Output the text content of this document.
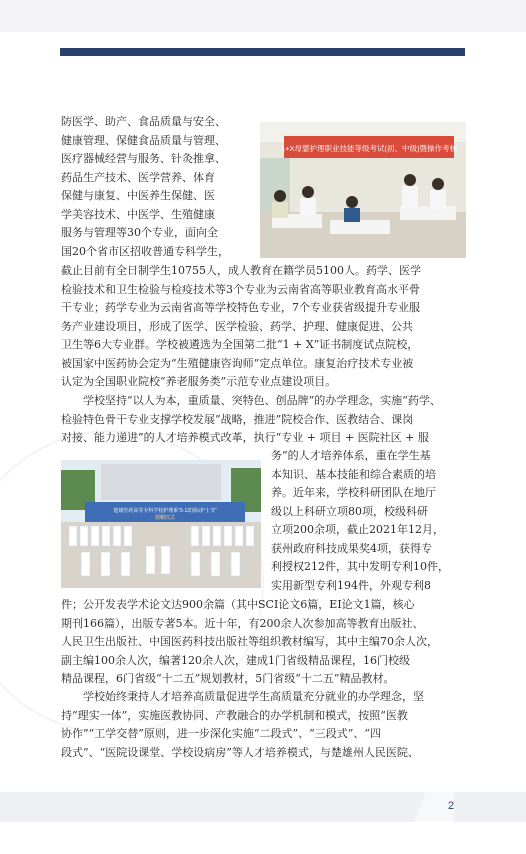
1+X母婴护理职业技能等级考试(初、中级)暨操作考核
楚雄医药高等专科学校护理系“5·12国际护士节”
授帽仪式
防医学、助产、食品质量与安全、
健康管理、保健食品质量与管理、
医疗器械经营与服务、针灸推拿、
药品生产技术、医学营养、体育
保健与康复、中医养生保健、医
学美容技术、中医学、生殖健康
服务与管理等30个专业，面向全
国20个省市区招收普通专科学生，
截止目前有全日制学生10755人，成人教育在籍学员5100人。药学、医学
检验技术和卫生检验与检疫技术等3个专业为云南省高等职业教育高水平骨
干专业；药学专业为云南省高等学校特色专业，7个专业获省级提升专业服
务产业建设项目，形成了医学、医学检验、药学、护理、健康促进、公共
卫生等6大专业群。学校被遴选为全国第二批“1 + X”证书制度试点院校，
被国家中医药协会定为“生殖健康咨询师”定点单位。康复治疗技术专业被
认定为全国职业院校“养老服务类”示范专业点建设项目。
学校坚持“以人为本，重质量、突特色、创品牌”的办学理念，实施“药学、
检验特色骨干专业支撑学校发展”战略，推进”院校合作、医教结合、课岗
对接、能力递进”的人才培养模式改革，执行“专业 + 项目 + 医院社区 + 服
务”的人才培养体系，重在学生基
本知识、基本技能和综合素质的培
养。近年来，学校科研团队在地厅
级以上科研立项80项，校级科研
立项200余项，截止2021年12月，
获州政府科技成果奖4项，获得专
利授权212件，其中发明专利10件，
实用新型专利194件，外观专利8
件；公开发表学术论文达900余篇（其中SCI论文6篇，EI论文1篇，核心
期刊166篇），出版专著5本。近十年，有200余人次参加高等教育出版社、
人民卫生出版社、中国医药科技出版社等组织教材编写，其中主编70余人次，
副主编100余人次，编著120余人次，建成1门省级精品课程，16门校级
精品课程，6门省级“十二五”规划教材，5门省级“十二五”精品教材。
学校始终秉持人才培养高质量促进学生高质量充分就业的办学理念，坚
持“理实一体”，实施医教协同、产教融合的办学机制和模式，按照“医教
协作”“工学交替”原则，进一步深化实施“二段式”、“三段式”、“四
段式”、“医院设课堂、学校设病房”等人才培养模式，与楚雄州人民医院、
2
